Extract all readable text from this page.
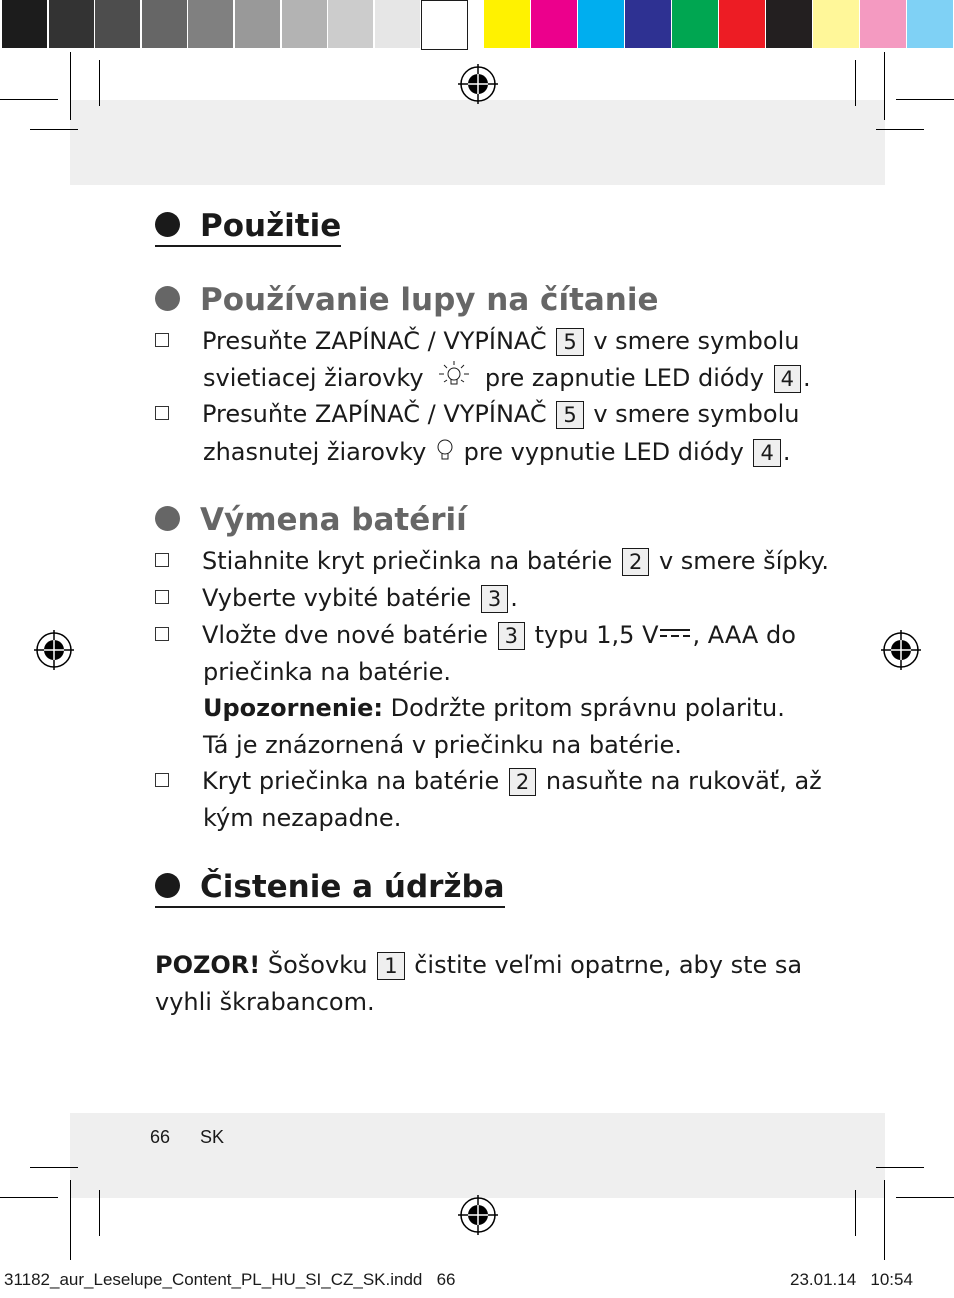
Použitie
Používanie lupy na čítanie
Presuňte ZAPÍNAČ / VYPÍNAČ 5 v smere symbolu
svietiacej žiarovky	pre zapnutie LED diódy 4 .
Presuňte ZAPÍNAČ / VYPÍNAČ 5 v smere symbolu
zhasnutej žiarovky pre vypnutie LED diódy 4 .
Výmena batérií
Stiahnite kryt priečinka na batérie 2 v smere šípky.
Vyberte vybité batérie 3 .
Vložte dve nové batérie 3 typu 1,5 V , AAA do
priečinka na batérie.
Upozornenie: Dodržte pritom správnu polaritu.
Tá je znázornená v priečinku na batérie.
Kryt priečinka na batérie 2 nasuňte na rukoväť, až
kým nezapadne.
Čistenie a údržba
POZOR! Šošovku 1 čistite veľmi opatrne, aby ste sa
vyhli škrabancom.
66 SK
31182_aur_Leselupe_Content_PL_HU_SI_CZ_SK.indd 66	23.01.14 10:54
